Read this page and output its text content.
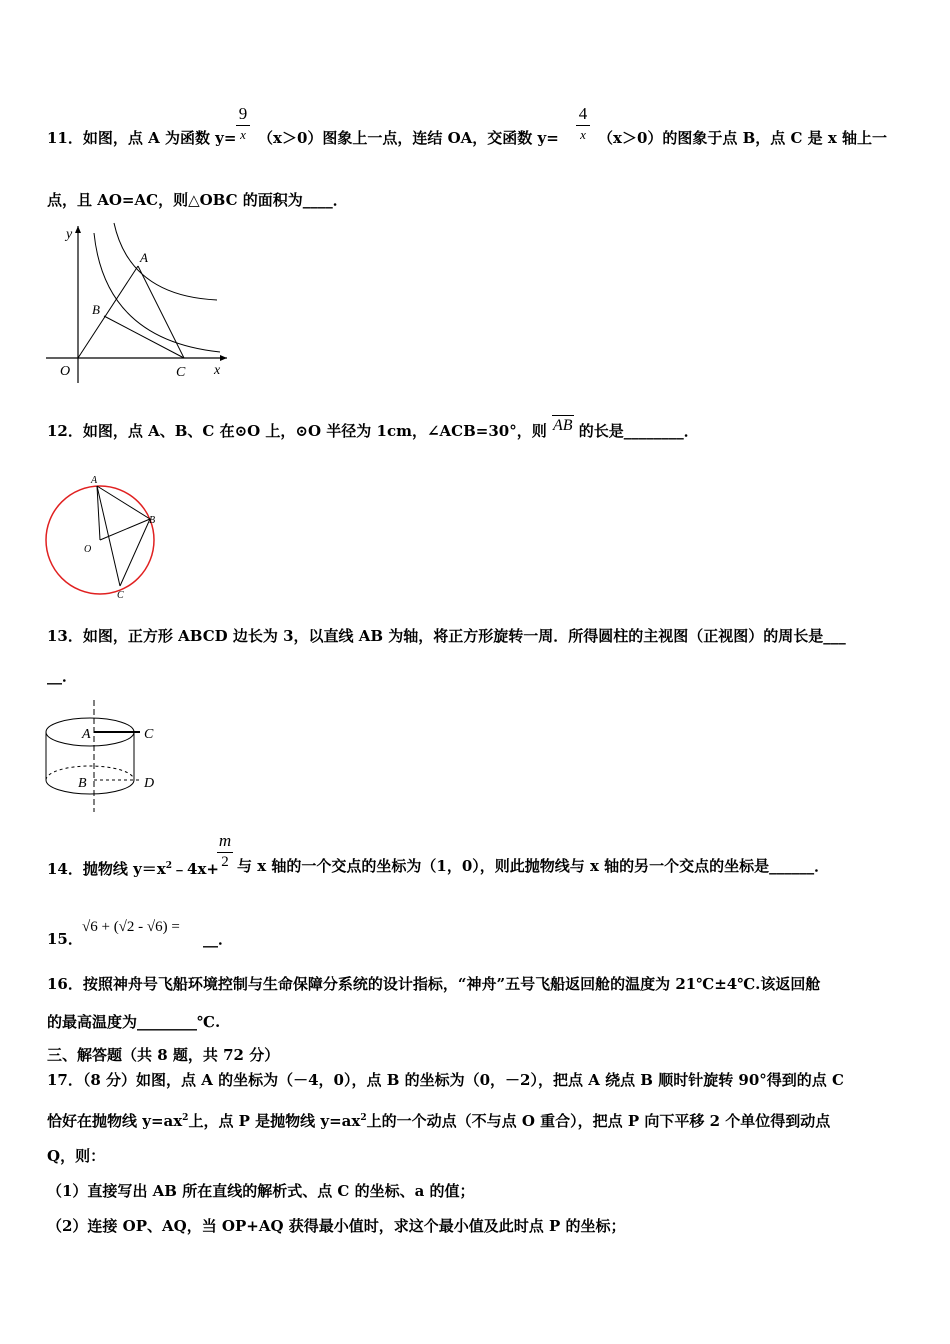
11．如图，点 A 为函数 y=
9
x （x＞0）图象上一点，连结 OA，交函数 y=
4
x （x＞0）的图象于点 B，点 C 是 x 轴上一
点，且 AO=AC，则△OBC 的面积为____．
y
A
B
O	C x
12．如图，点 A、B、C 在⊙O 上，⊙O 半径为 1cm，∠ACB=30°，则 AB 的长是________．
A
B
O
C
13．如图，正方形 ABCD 边长为 3，以直线 AB 为轴，将正方形旋转一周．所得圆柱的主视图（正视图）的周长是___
__．
A	C
B	D
14．抛物线 $y=x^2﹣4x+$
m
2 与 x 轴的一个交点的坐标为（1，0），则此抛物线与 x 轴的另一个交点的坐标是______．
15．
√6 + (√2 - √6) =
__．
16．按照神舟号飞船环境控制与生命保障分系统的设计指标，“神舟”五号飞船返回舱的温度为 21℃±4℃.该返回舱
的最高温度为________℃.
三、解答题（共 8 题，共 72 分）
17．（8 分）如图，点 A 的坐标为（－4，0），点 B 的坐标为（0，－2），把点 A 绕点 B 顺时针旋转 90°得到的点 C
恰好在抛物线 $y=ax^2$上，点 P 是抛物线 $y=ax^2$上的一个动点（不与点 O 重合），把点 P 向下平移 2 个单位得到动点
Q，则：
（1）直接写出 AB 所在直线的解析式、点 C 的坐标、a 的值；
（2）连接 OP、AQ，当 OP+AQ 获得最小值时，求这个最小值及此时点 P 的坐标；
